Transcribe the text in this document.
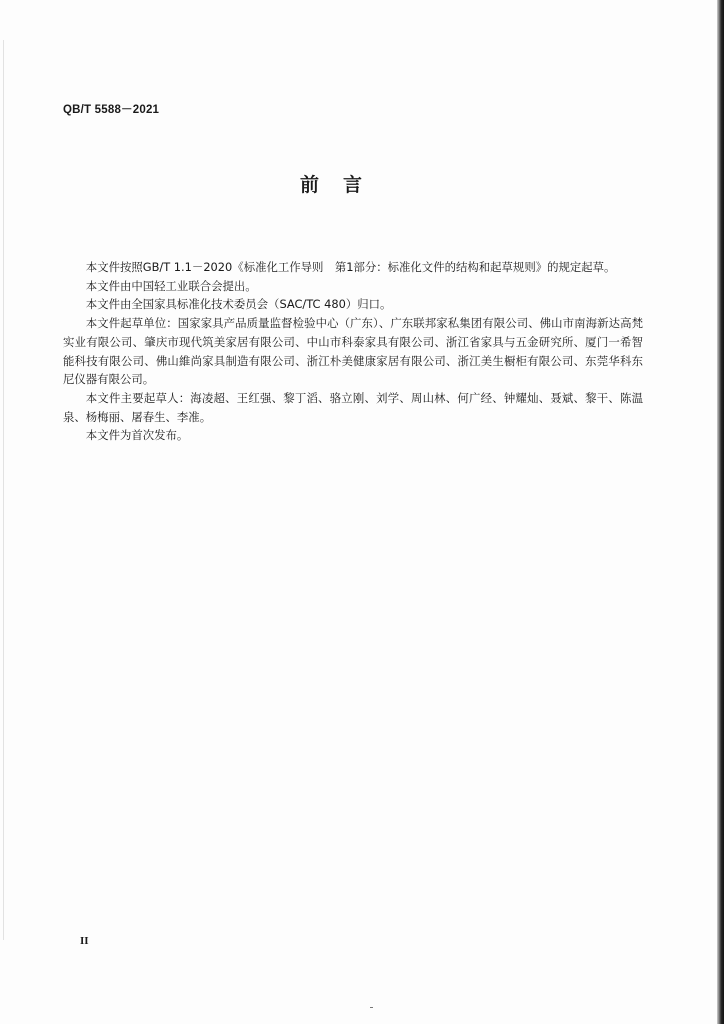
QB/T 5588－2021
前言

本文件按照GB/T 1.1－2020《标准化工作导则　第1部分：标准化文件的结构和起草规则》的规定起草。

本文件由中国轻工业联合会提出。

本文件由全国家具标准化技术委员会（SAC/TC 480）归口。

本文件起草单位：国家家具产品质量监督检验中心（广东）、广东联邦家私集团有限公司、佛山市南海新达高梵实业有限公司、肇庆市现代筑美家居有限公司、中山市科泰家具有限公司、浙江省家具与五金研究所、厦门一希智能科技有限公司、佛山維尚家具制造有限公司、浙江朴美健康家居有限公司、浙江美生橱柜有限公司、东莞华科东尼仪器有限公司。

本文件主要起草人：海凌超、王红强、黎丁滔、骆立刚、刘学、周山林、何广经、钟耀灿、聂斌、黎干、陈温泉、杨梅丽、屠春生、李准。

本文件为首次发布。

II
